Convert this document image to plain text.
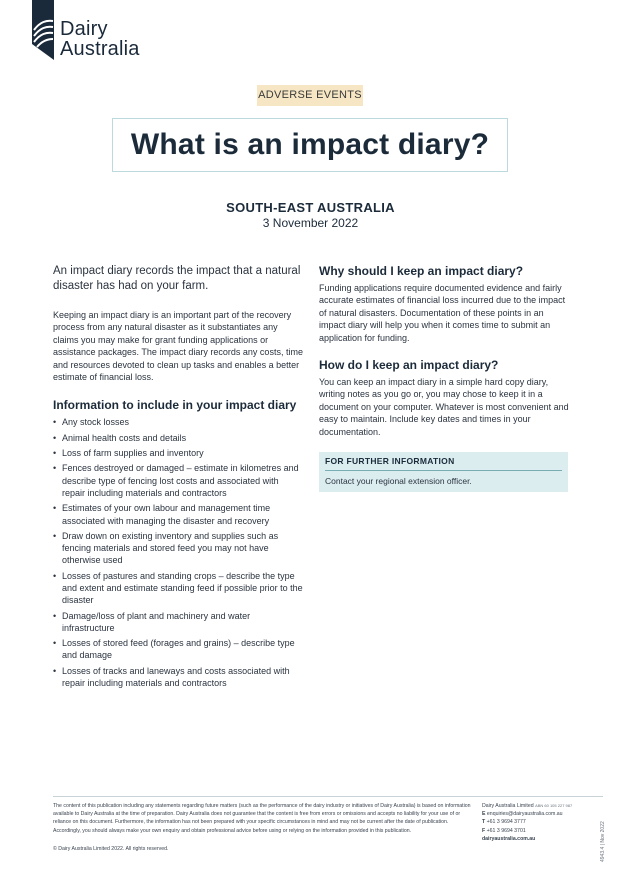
Dairy
Australia
ADVERSE EVENTS
What is an impact diary?
SOUTH-EAST AUSTRALIA
3 November 2022

An impact diary records the impact that a natural disaster has had on your farm.

Keeping an impact diary is an important part of the recovery process from any natural disaster as it substantiates any claims you may make for grant funding applications or assistance packages. The impact diary records any costs, time and resources devoted to clean up tasks and enables a better estimate of financial loss.

Information to include in your impact diary
• Any stock losses
• Animal health costs and details
• Loss of farm supplies and inventory
• Fences destroyed or damaged – estimate in kilometres and describe type of fencing lost costs and associated with repair including materials and contractors
• Estimates of your own labour and management time associated with managing the disaster and recovery
• Draw down on existing inventory and supplies such as fencing materials and stored feed you may not have otherwise used
• Losses of pastures and standing crops – describe the type and extent and estimate standing feed if possible prior to the disaster
• Damage/loss of plant and machinery and water infrastructure
• Losses of stored feed (forages and grains) – describe type and damage
• Losses of tracks and laneways and costs associated with repair including materials and contractors
Why should I keep an impact diary?

Funding applications require documented evidence and fairly accurate estimates of financial loss incurred due to the impact of natural disasters. Documentation of these points in an impact diary will help you when it comes time to submit an application for funding.

How do I keep an impact diary?

You can keep an impact diary in a simple hard copy diary, writing notes as you go or, you may chose to keep it in a document on your computer. Whatever is most convenient and easy to maintain. Include key dates and times in your documentation.

FOR FURTHER INFORMATION
Contact your regional extension officer.

The content of this publication including any statements regarding future matters (such as the performance of the dairy industry or initiatives of Dairy Australia) is based on information available to Dairy Australia at the time of preparation. Dairy Australia does not guarantee that the content is free from errors or omissions and accepts no liability for your use of or reliance on this document. Furthermore, the information has not been prepared with your specific circumstances in mind and may not be current after the date of publication. Accordingly, you should always make your own enquiry and obtain professional advice before using or relying on the information provided in this publication.

© Dairy Australia Limited 2022. All rights reserved.

Dairy Australia Limited ABN 60 105 227 987
E enquiries@dairyaustralia.com.au
T +61 3 9694 3777
F +61 3 9694 3701
dairyaustralia.com.au	4943.4 | Nov 2022
